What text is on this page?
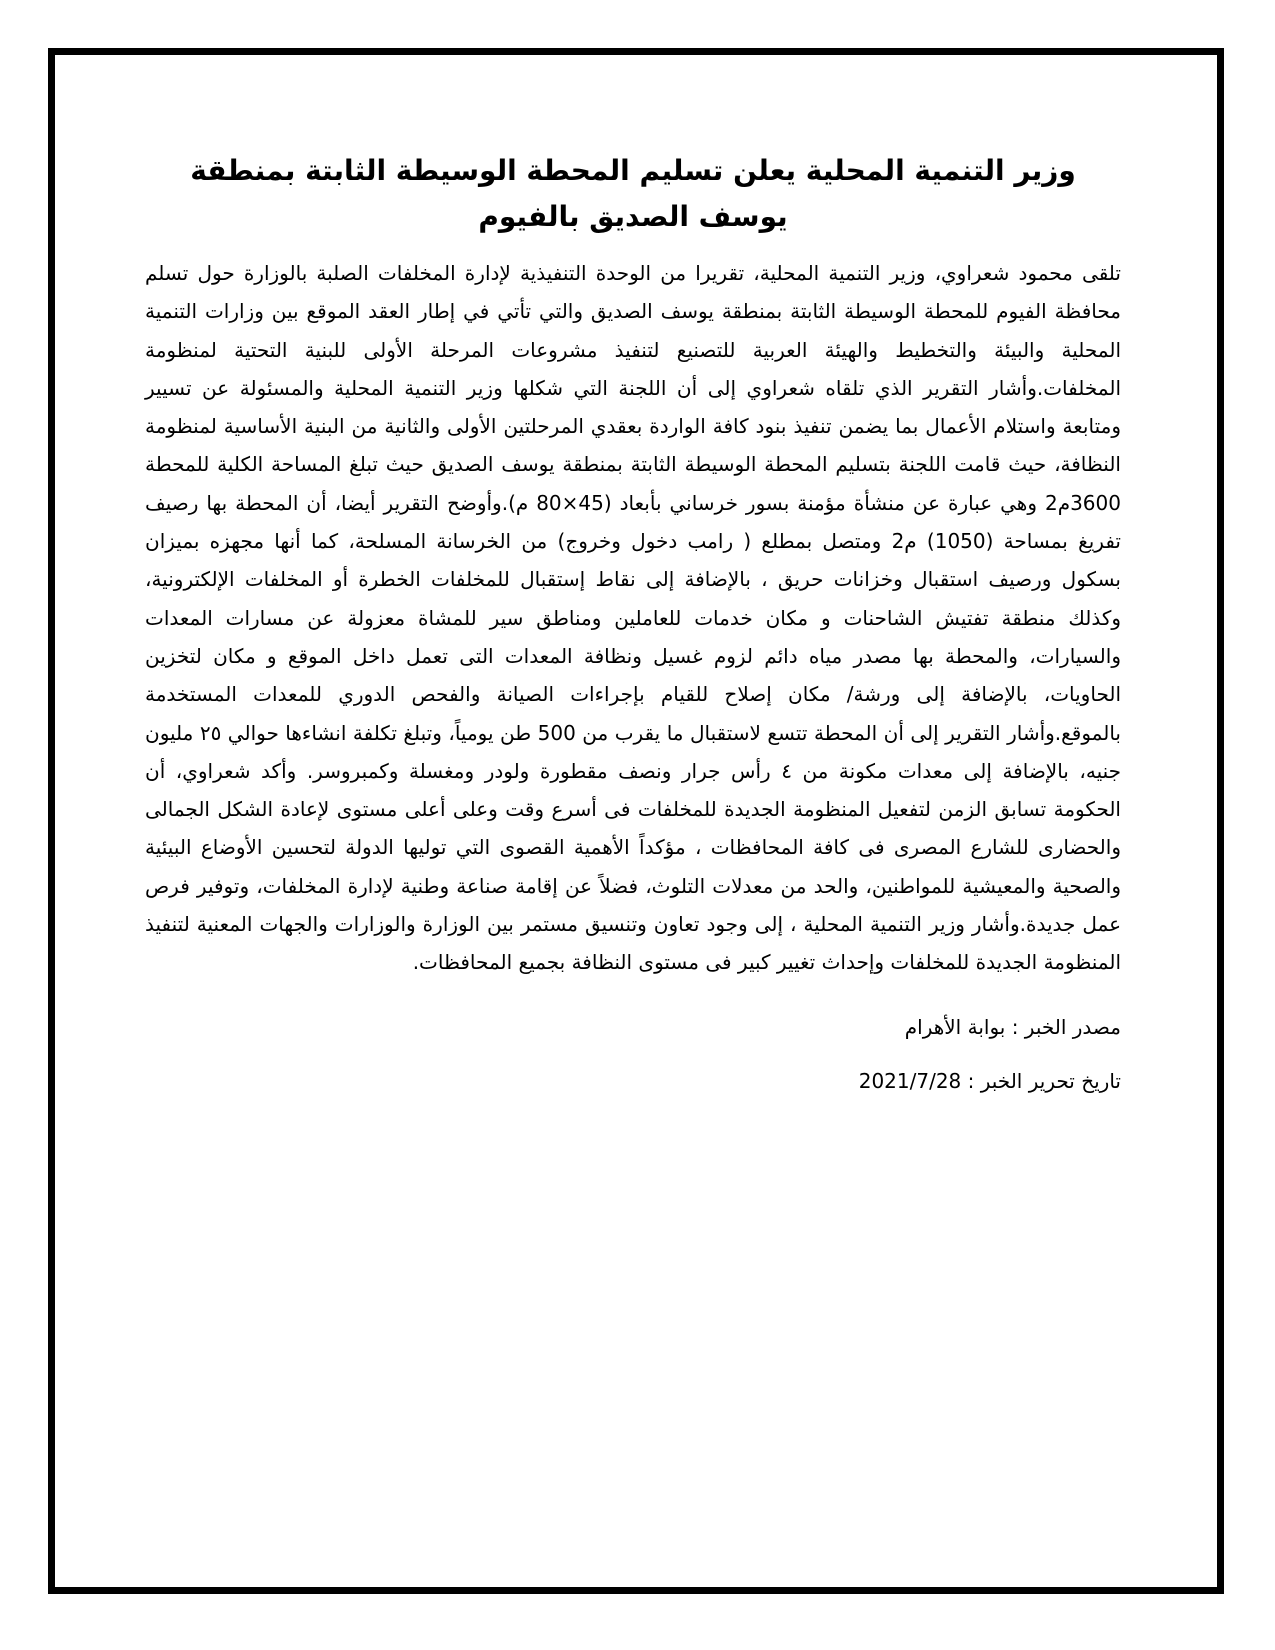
وزير التنمية المحلية يعلن تسليم المحطة الوسيطة الثابتة بمنطقة يوسف الصديق بالفيوم

تلقى محمود شعراوي، وزير التنمية المحلية، تقريرا من الوحدة التنفيذية لإدارة المخلفات الصلبة بالوزارة حول تسلم محافظة الفيوم للمحطة الوسيطة الثابتة بمنطقة يوسف الصديق والتي تأتي في إطار العقد الموقع بين وزارات التنمية المحلية والبيئة والتخطيط والهيئة العربية للتصنيع لتنفيذ مشروعات المرحلة الأولى للبنية التحتية لمنظومة المخلفات.وأشار التقرير الذي تلقاه شعراوي إلى أن اللجنة التي شكلها وزير التنمية المحلية والمسئولة عن تسيير ومتابعة واستلام الأعمال بما يضمن تنفيذ بنود كافة الواردة بعقدي المرحلتين الأولى والثانية من البنية الأساسية لمنظومة النظافة، حيث قامت اللجنة بتسليم المحطة الوسيطة الثابتة بمنطقة يوسف الصديق حيث تبلغ المساحة الكلية للمحطة 3600م2 وهي عبارة عن منشأة مؤمنة بسور خرساني بأبعاد (45×80 م).وأوضح التقرير أيضا، أن المحطة بها رصيف تفريغ بمساحة (1050) م2 ومتصل بمطلع ( رامب دخول وخروج) من الخرسانة المسلحة، كما أنها مجهزه بميزان بسكول ورصيف استقبال وخزانات حريق ، بالإضافة إلى نقاط إستقبال للمخلفات الخطرة أو المخلفات الإلكترونية، وكذلك منطقة تفتيش الشاحنات و مكان خدمات للعاملين ومناطق سير للمشاة معزولة عن مسارات المعدات والسيارات، والمحطة بها مصدر مياه دائم لزوم غسيل ونظافة المعدات التى تعمل داخل الموقع و مكان لتخزين الحاويات، بالإضافة إلى ورشة/ مكان إصلاح للقيام بإجراءات الصيانة والفحص الدوري للمعدات المستخدمة بالموقع.وأشار التقرير إلى أن المحطة تتسع لاستقبال ما يقرب من 500 طن يومياً، وتبلغ تكلفة انشاءها حوالي ٢٥ مليون جنيه، بالإضافة إلى معدات مكونة من ٤ رأس جرار ونصف مقطورة ولودر ومغسلة وكمبروسر. وأكد شعراوي، أن الحكومة تسابق الزمن لتفعيل المنظومة الجديدة للمخلفات فى أسرع وقت وعلى أعلى مستوى لإعادة الشكل الجمالى والحضارى للشارع المصرى فى كافة المحافظات ، مؤكداً الأهمية القصوى التي توليها الدولة لتحسين الأوضاع البيئية والصحية والمعيشية للمواطنين، والحد من معدلات التلوث، فضلاً عن إقامة صناعة وطنية لإدارة المخلفات، وتوفير فرص عمل جديدة.وأشار وزير التنمية المحلية ، إلى وجود تعاون وتنسيق مستمر بين الوزارة والوزارات والجهات المعنية لتنفيذ المنظومة الجديدة للمخلفات وإحداث تغيير كبير فى مستوى النظافة بجميع المحافظات.

مصدر الخبر : بوابة الأهرام

تاريخ تحرير الخبر : 2021/7/28
